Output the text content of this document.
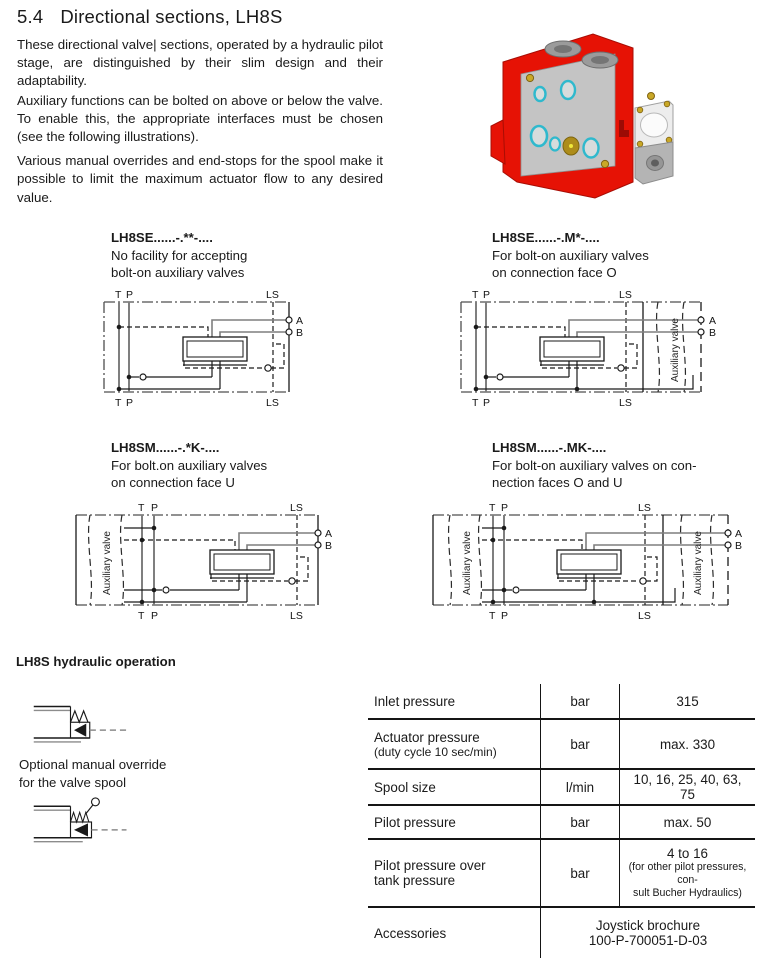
5.4 Directional sections, LH8S

These directional valve| sections, operated by a hydraulic pilot stage, are distinguished by their slim design and their adaptability.

Auxiliary functions can be bolted on above or below the valve. To enable this, the appropriate interfaces must be chosen (see the following illustrations).

Various manual overrides and end-stops for the spool make it possible to limit the maximum actuator flow to any desired value.

LH8SE......-.**-....
No facility for accepting
bolt-on auxiliary valves
LH8SE......-.M*-....
For bolt-on auxiliary valves
on connection face O
LH8SM......-.*K-....
For bolt.on auxiliary valves
on connection face U
LH8SM......-.MK-....
For bolt-on auxiliary valves on con-
nection faces O and U
T P	LS
T P	LS
A
B
T P	LS
T P	LS
A
B
Auxiliary valve
T P	LS
T P	LS
A
B
Auxiliary valve
T P	LS
T P	LS
A
B
Auxiliary valve	Auxiliary valve
LH8S hydraulic operation
Optional manual override
for the valve spool
Inlet pressure	bar	315

Actuator pressure
(duty cycle 10 sec/min)	bar	max. 330
Spool size	l/min	10, 16, 25, 40, 63, 75
Pilot pressure	bar	max. 50

Pilot pressure over
tank pressure	bar	
4 to 16
(for other pilot pressures, con-
sult Bucher Hydraulics)

Accessories	Joystick brochure
100-P-700051-D-03	
